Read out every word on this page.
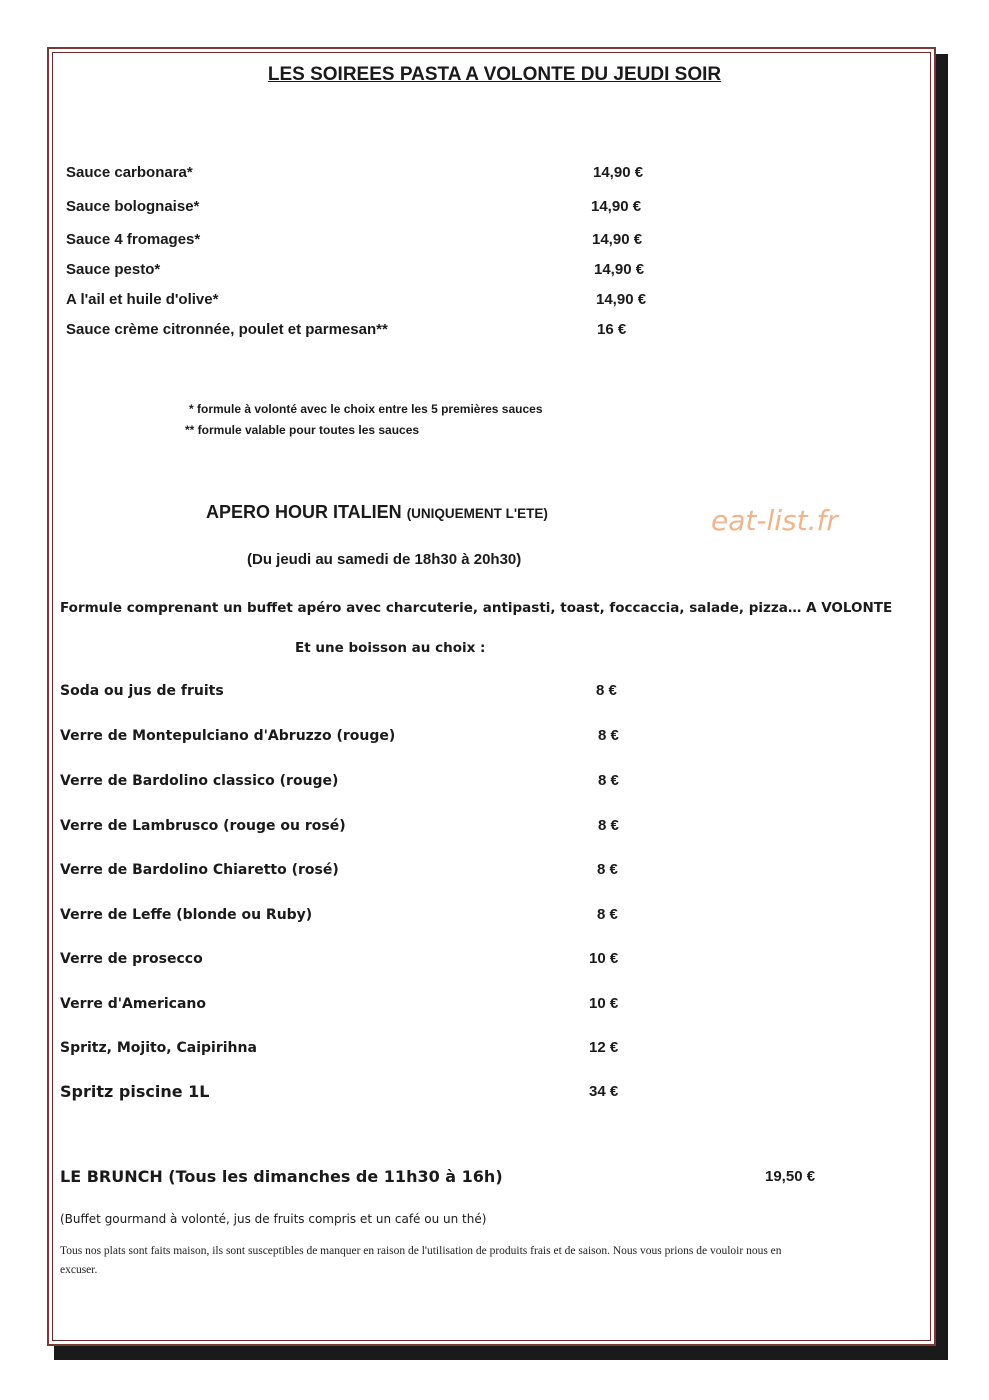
LES SOIREES PASTA A VOLONTE DU JEUDI SOIR
Sauce carbonara*	14,90 €
Sauce bolognaise*	14,90 €
Sauce 4 fromages*	14,90 €
Sauce pesto*	14,90 €
A l'ail et huile d'olive*	14,90 €
Sauce crème citronnée, poulet et parmesan**	16 €
* formule à volonté avec le choix entre les 5 premières sauces
** formule valable pour toutes les sauces
APERO HOUR ITALIEN (UNIQUEMENT L'ETE)	eat-list.fr
(Du jeudi au samedi de 18h30 à 20h30)
Formule comprenant un buffet apéro avec charcuterie, antipasti, toast, foccaccia, salade, pizza… A VOLONTE
Et une boisson au choix :
Soda ou jus de fruits	8 €
Verre de Montepulciano d'Abruzzo (rouge)	8 €
Verre de Bardolino classico (rouge)	8 €
Verre de Lambrusco (rouge ou rosé)	8 €
Verre de Bardolino Chiaretto (rosé)	8 €
Verre de Leffe (blonde ou Ruby)	8 €
Verre de prosecco	10 €
Verre d'Americano	10 €
Spritz, Mojito, Caipirihna	12 €
Spritz piscine 1L	34 €
LE BRUNCH (Tous les dimanches de 11h30 à 16h)	19,50 €
(Buffet gourmand à volonté, jus de fruits compris et un café ou un thé)
Tous nos plats sont faits maison, ils sont susceptibles de manquer en raison de l'utilisation de produits frais et de saison. Nous vous prions de vouloir nous en
excuser.
